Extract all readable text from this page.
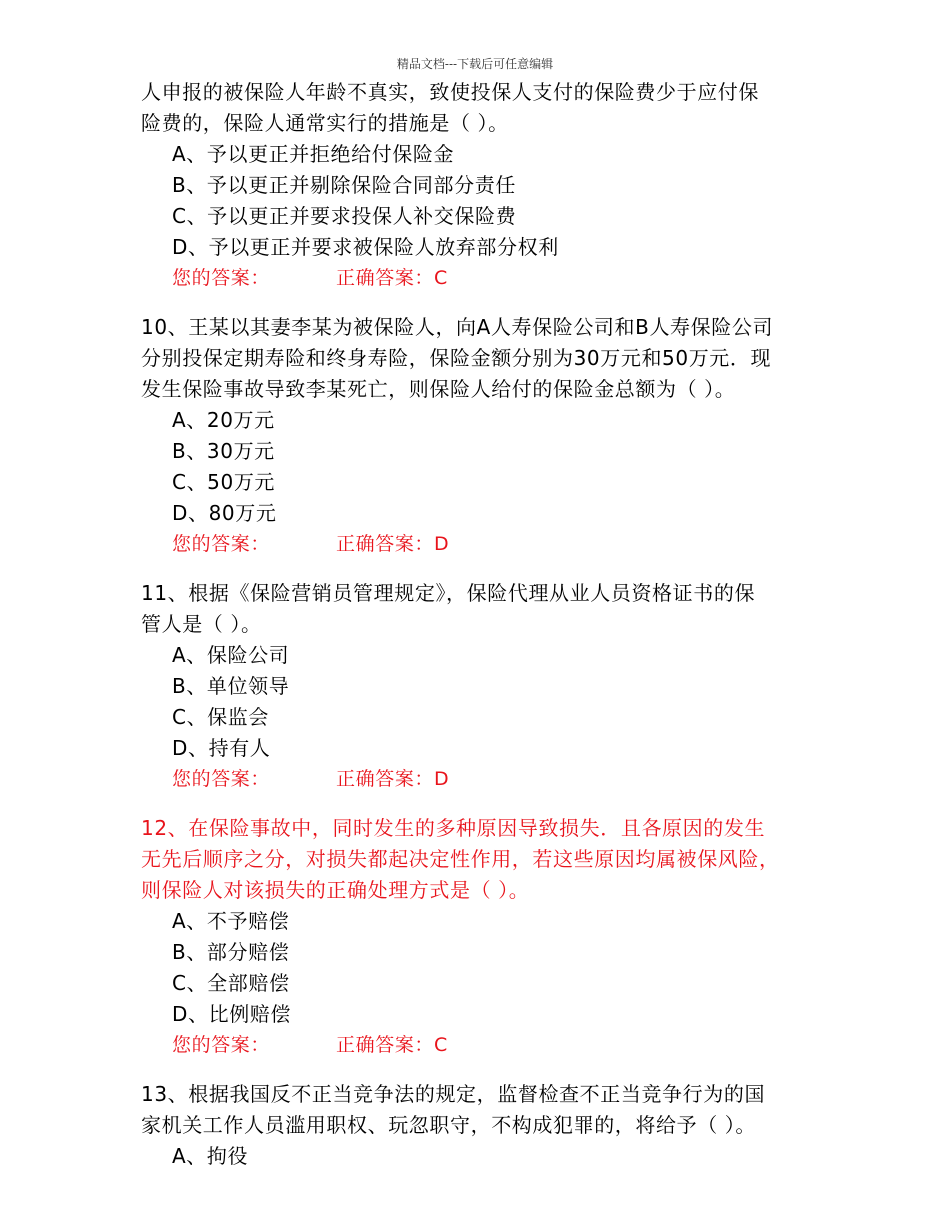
精品文档---下载后可任意编辑
人申报的被保险人年龄不真实，致使投保人支付的保险费少于应付保
险费的，保险人通常实行的措施是（ ）。
A、予以更正并拒绝给付保险金
B、予以更正并剔除保险合同部分责任
C、予以更正并要求投保人补交保险费
D、予以更正并要求被保险人放弃部分权利
您的答案：	正确答案：C
10、王某以其妻李某为被保险人，向A人寿保险公司和B人寿保险公司
分别投保定期寿险和终身寿险，保险金额分别为30万元和50万元．现
发生保险事故导致李某死亡，则保险人给付的保险金总额为（ ）。
A、20万元
B、30万元
C、50万元
D、80万元
您的答案：	正确答案：D
11、根据《保险营销员管理规定》，保险代理从业人员资格证书的保
管人是（ ）。
A、保险公司
B、单位领导
C、保监会
D、持有人
您的答案：	正确答案：D
12、在保险事故中，同时发生的多种原因导致损失．且各原因的发生
无先后顺序之分，对损失都起决定性作用，若这些原因均属被保风险，
则保险人对该损失的正确处理方式是（ ）。
A、不予赔偿
B、部分赔偿
C、全部赔偿
D、比例赔偿
您的答案：	正确答案：C
13、根据我国反不正当竞争法的规定，监督检查不正当竞争行为的国
家机关工作人员滥用职权、玩忽职守，不构成犯罪的，将给予（ ）。
A、拘役
